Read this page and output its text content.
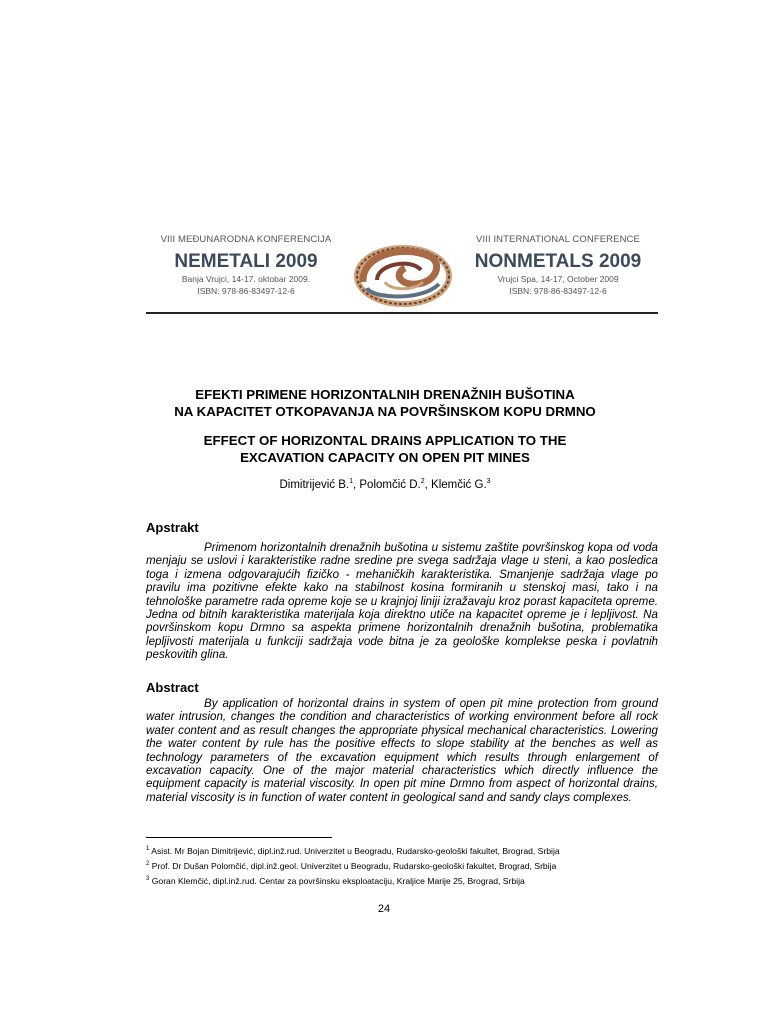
VIII MEĐUNARODNA KONFERENCIJA
NEMETALI 2009
Banja Vrujci, 14-17. oktobar 2009.
ISBN: 978-86-83497-12-6
VIII INTERNATIONAL CONFERENCE
NONMETALS 2009
Vrujci Spa, 14-17, October 2009
ISBN: 978-86-83497-12-6
EFEKTI PRIMENE HORIZONTALNIH DRENAŽNIH BUŠOTINA
NA KAPACITET OTKOPAVANJA NA POVRŠINSKOM KOPU DRMNO
EFFECT OF HORIZONTAL DRAINS APPLICATION TO THE
EXCAVATION CAPACITY ON OPEN PIT MINES
Dimitrijević B.$^1$, Polomčić D.$^2$, Klemčić G.$^3$
Apstrakt
Primenom horizontalnih drenažnih bušotina u sistemu zaštite površinskog kopa od voda menjaju se uslovi i karakteristike radne sredine pre svega sadržaja vlage u steni, a kao posledica toga i izmena odgovarajućih fizičko - mehaničkih karakteristika. Smanjenje sadržaja vlage po pravilu ima pozitivne efekte kako na stabilnost kosina formiranih u stenskoj masi, tako i na tehnološke parametre rada opreme koje se u krajnjoj liniji izražavaju kroz porast kapaciteta opreme. Jedna od bitnih karakteristika materijala koja direktno utiče na kapacitet opreme je i lepljivost. Na površinskom kopu Drmno sa aspekta primene horizontalnih drenažnih bušotina, problematika lepljivosti materijala u funkciji sadržaja vode bitna je za geološke komplekse peska i povlatnih peskovitih glina.
Abstract
By application of horizontal drains in system of open pit mine protection from ground water intrusion, changes the condition and characteristics of working environment before all rock water content and as result changes the appropriate physical mechanical characteristics. Lowering the water content by rule has the positive effects to slope stability at the benches as well as technology parameters of the excavation equipment which results through enlargement of excavation capacity. One of the major material characteristics which directly influence the equipment capacity is material viscosity. In open pit mine Drmno from aspect of horizontal drains, material viscosity is in function of water content in geological sand and sandy clays complexes.
$^1$ Asist. Mr Bojan Dimitrijević, dipl.inž.rud. Univerzitet u Beogradu, Rudarsko-geološki fakultet, Brograd, Srbija
$^2$ Prof. Dr Dušan Polomčić, dipl.inž.geol. Univerzitet u Beogradu, Rudarsko-geološki fakultet, Brograd, Srbija
$^3$ Goran Klemčić, dipl.inž.rud. Centar za površinsku eksploataciju, Kraljice Marije 25, Brograd, Srbija
24
